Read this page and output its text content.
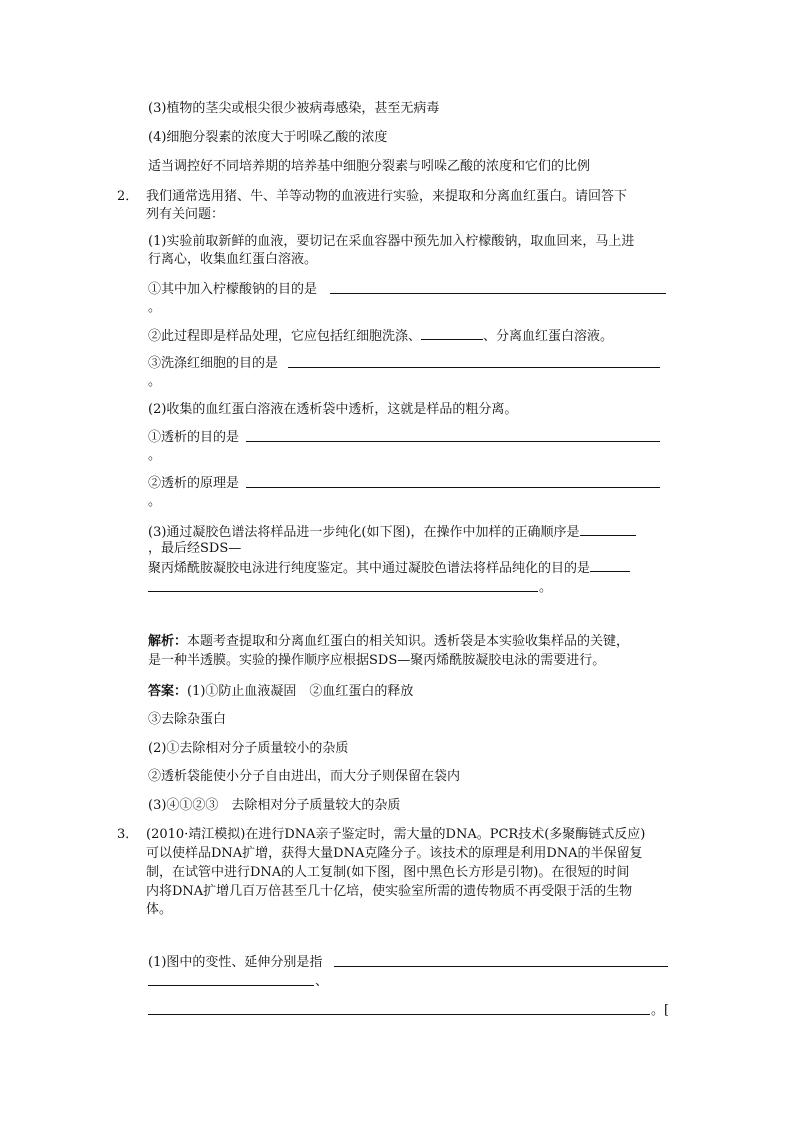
(3)植物的茎尖或根尖很少被病毒感染，甚至无病毒
(4)细胞分裂素的浓度大于吲哚乙酸的浓度
适当调控好不同培养期的培养基中细胞分裂素与吲哚乙酸的浓度和它们的比例
2． 我们通常选用猪、牛、羊等动物的血液进行实验，来提取和分离血红蛋白。请回答下
列有关问题：
(1)实验前取新鲜的血液，要切记在采血容器中预先加入柠檬酸钠，取血回来，马上进
行离心，收集血红蛋白溶液。
①其中加入柠檬酸钠的目的是
。
②此过程即是样品处理，它应包括红细胞洗涤、	、分离血红蛋白溶液。
③洗涤红细胞的目的是
。
(2)收集的血红蛋白溶液在透析袋中透析，这就是样品的粗分离。
①透析的目的是
。
②透析的原理是
。
(3)通过凝胶色谱法将样品进一步纯化(如下图)，在操作中加样的正确顺序是
，最后经SDS—
聚丙烯酰胺凝胶电泳进行纯度鉴定。其中通过凝胶色谱法将样品纯化的目的是
。
解析：本题考查提取和分离血红蛋白的相关知识。透析袋是本实验收集样品的关键，
是一种半透膜。实验的操作顺序应根据SDS—聚丙烯酰胺凝胶电泳的需要进行。
答案：(1)①防止血液凝固　②血红蛋白的释放
③去除杂蛋白
(2)①去除相对分子质量较小的杂质
②透析袋能使小分子自由进出，而大分子则保留在袋内
(3)④①②③　去除相对分子质量较大的杂质
3． (2010·靖江模拟)在进行DNA亲子鉴定时，需大量的DNA。PCR技术(多聚酶链式反应)
可以使样品DNA扩增，获得大量DNA克隆分子。该技术的原理是利用DNA的半保留复
制，在试管中进行DNA的人工复制(如下图，图中黑色长方形是引物)。在很短的时间
内将DNA扩增几百万倍甚至几十亿培，使实验室所需的遗传物质不再受限于活的生物
体。
(1)图中的变性、延伸分别是指
、
。[
